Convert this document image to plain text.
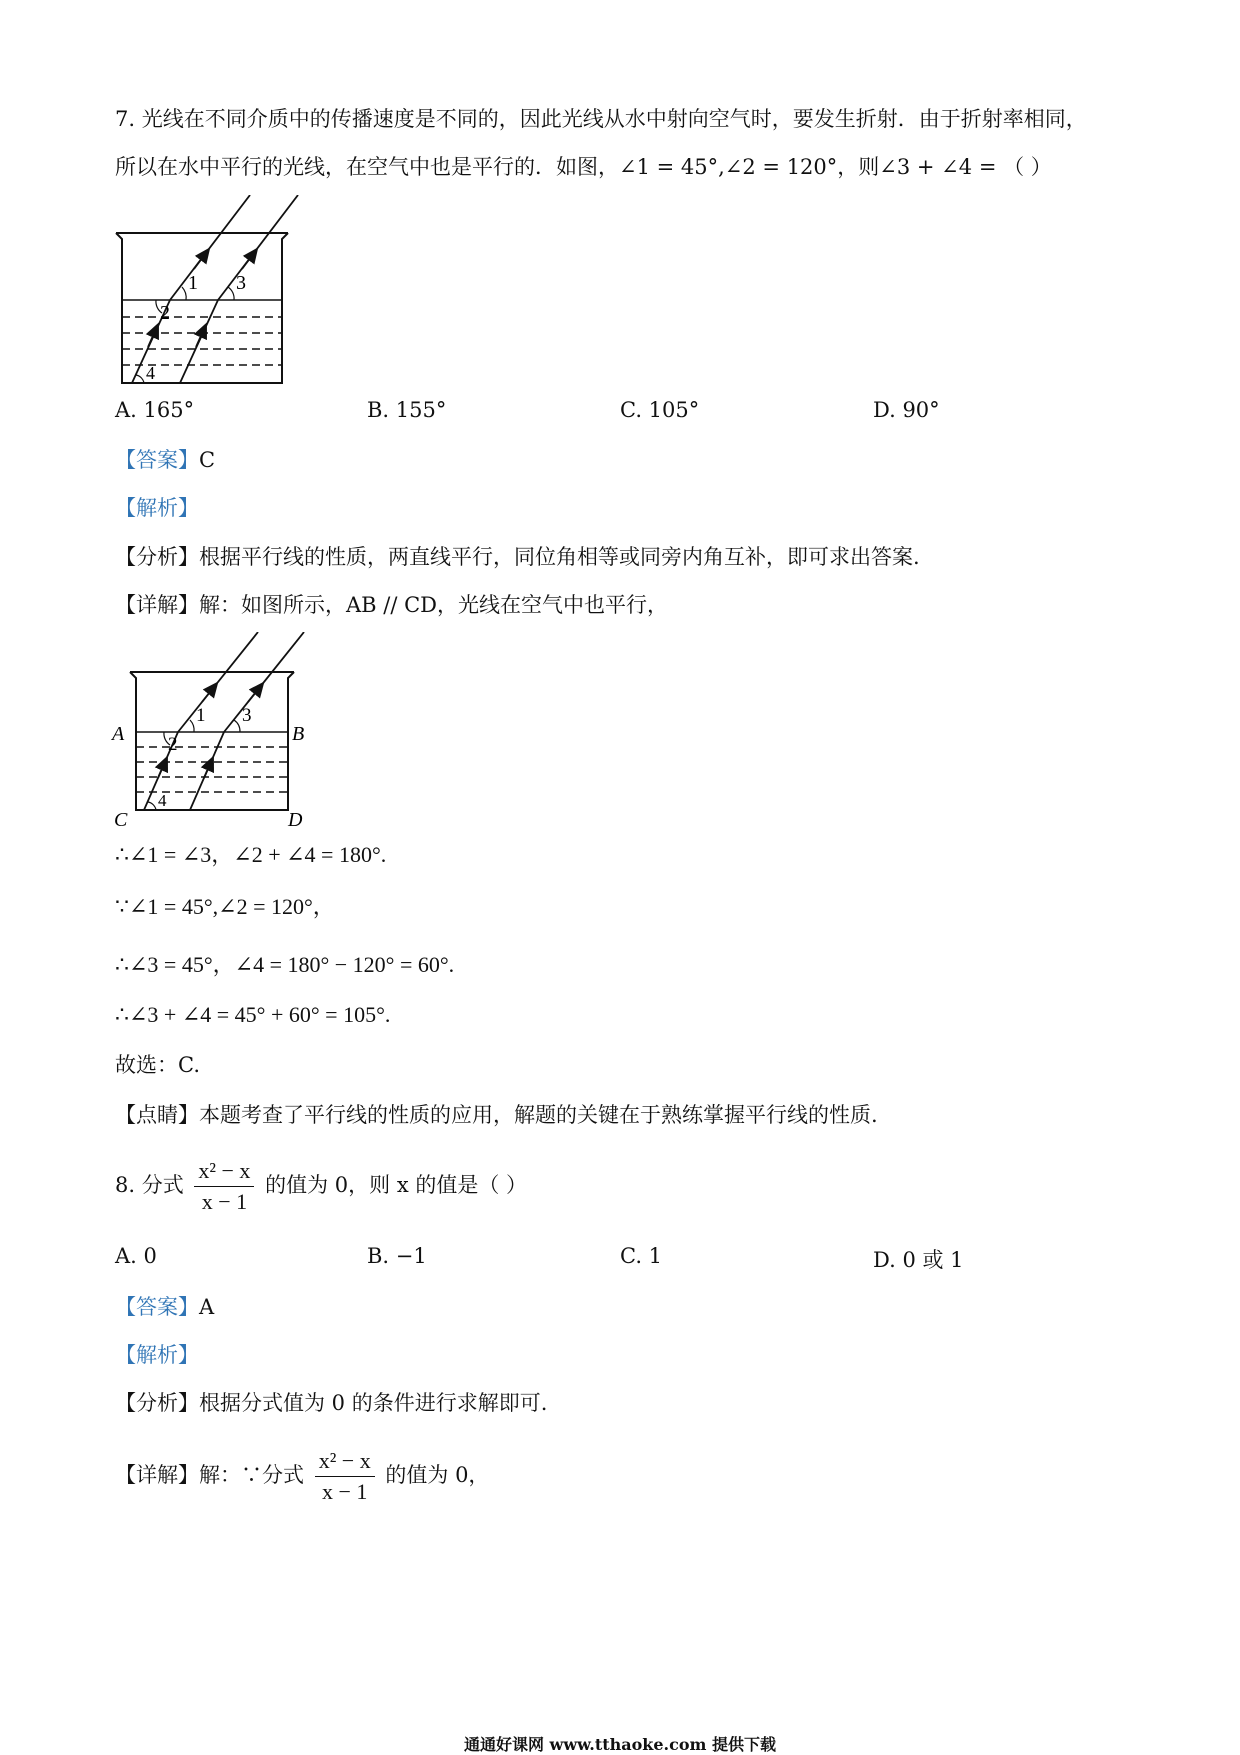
7. 光线在不同介质中的传播速度是不同的，因此光线从水中射向空气时，要发生折射．由于折射率相同，
所以在水中平行的光线，在空气中也是平行的．如图，∠1 = 45°,∠2 = 120°，则∠3 + ∠4 = （ ）
1
2
3
4
A. 165°	B. 155°	C. 105°	D. 90°
【答案】C
【解析】
【分析】根据平行线的性质，两直线平行，同位角相等或同旁内角互补，即可求出答案.
【详解】解：如图所示，AB // CD，光线在空气中也平行，
1
2
3
4
A	B
C	D
∴∠1 = ∠3，∠2 + ∠4 = 180°.
∵∠1 = 45°,∠2 = 120°，
∴∠3 = 45°，∠4 = 180° − 120° = 60°.
∴∠3 + ∠4 = 45° + 60° = 105°.
故选：C.
【点睛】本题考查了平行线的性质的应用，解题的关键在于熟练掌握平行线的性质.
8. 分式 $\frac{\text{x² − x}}{x - 1}$ 的值为 0，则 x 的值是（ ）
A. 0	B. −1	C. 1	D. 0 或 1
【答案】A
【解析】
【分析】根据分式值为 0 的条件进行求解即可.
【详解】解：∵分式 $\frac{\text{x² − x}}{x - 1}$ 的值为 0，
通通好课网 www.tthaoke.com 提供下载
